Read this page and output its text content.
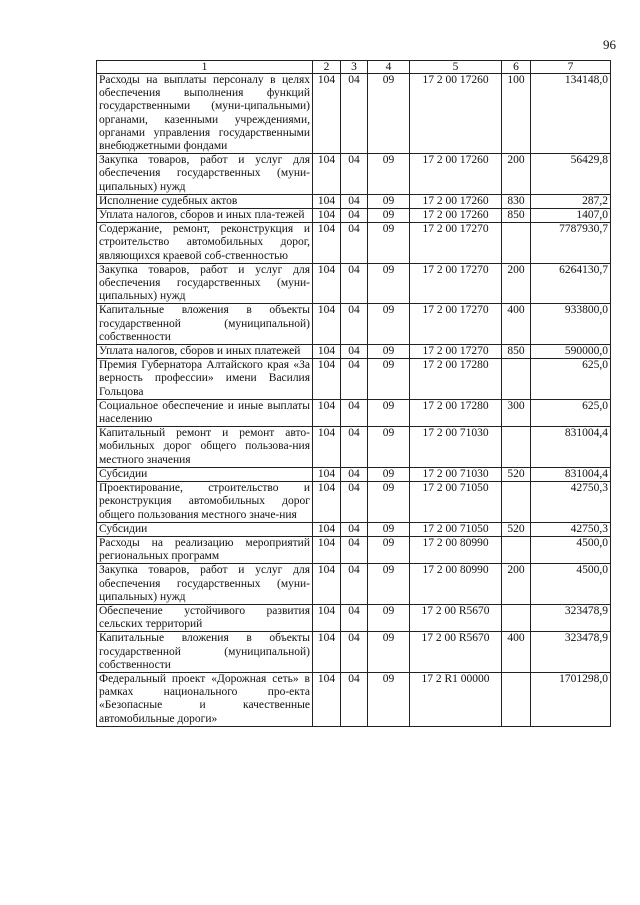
96
1	2	3	4	5	6	7
Расходы на выплаты персоналу в целях обеспечения выполнения функций государственными (муни-ципальными) органами, казенными учреждениями, органами управления государственными внебюджетными фондами	104	04	09	17 2 00 17260	100	134148,0
Закупка товаров, работ и услуг для обеспечения государственных (муни-ципальных) нужд	104	04	09	17 2 00 17260	200	56429,8
Исполнение судебных актов	104	04	09	17 2 00 17260	830	287,2
Уплата налогов, сборов и иных пла-тежей	104	04	09	17 2 00 17260	850	1407,0
Содержание, ремонт, реконструкция и строительство автомобильных дорог, являющихся краевой соб-ственностью	104	04	09	17 2 00 17270		7787930,7
Закупка товаров, работ и услуг для обеспечения государственных (муни-ципальных) нужд	104	04	09	17 2 00 17270	200	6264130,7
Капитальные вложения в объекты государственной (муниципальной) собственности	104	04	09	17 2 00 17270	400	933800,0
Уплата налогов, сборов и иных платежей	104	04	09	17 2 00 17270	850	590000,0
Премия Губернатора Алтайского края «За верность профессии» имени Василия Гольцова	104	04	09	17 2 00 17280		625,0
Социальное обеспечение и иные выплаты населению	104	04	09	17 2 00 17280	300	625,0
Капитальный ремонт и ремонт авто-мобильных дорог общего пользова-ния местного значения	104	04	09	17 2 00 71030		831004,4
Субсидии	104	04	09	17 2 00 71030	520	831004,4
Проектирование, строительство и реконструкция автомобильных дорог общего пользования местного значе-ния	104	04	09	17 2 00 71050		42750,3
Субсидии	104	04	09	17 2 00 71050	520	42750,3
Расходы на реализацию мероприятий региональных программ	104	04	09	17 2 00 80990		4500,0
Закупка товаров, работ и услуг для обеспечения государственных (муни-ципальных) нужд	104	04	09	17 2 00 80990	200	4500,0
Обеспечение устойчивого развития сельских территорий	104	04	09	17 2 00 R5670		323478,9
Капитальные вложения в объекты государственной (муниципальной) собственности	104	04	09	17 2 00 R5670	400	323478,9
Федеральный проект «Дорожная сеть» в рамках национального про-екта «Безопасные и качественные автомобильные дороги»	104	04	09	17 2 R1 00000		1701298,0
